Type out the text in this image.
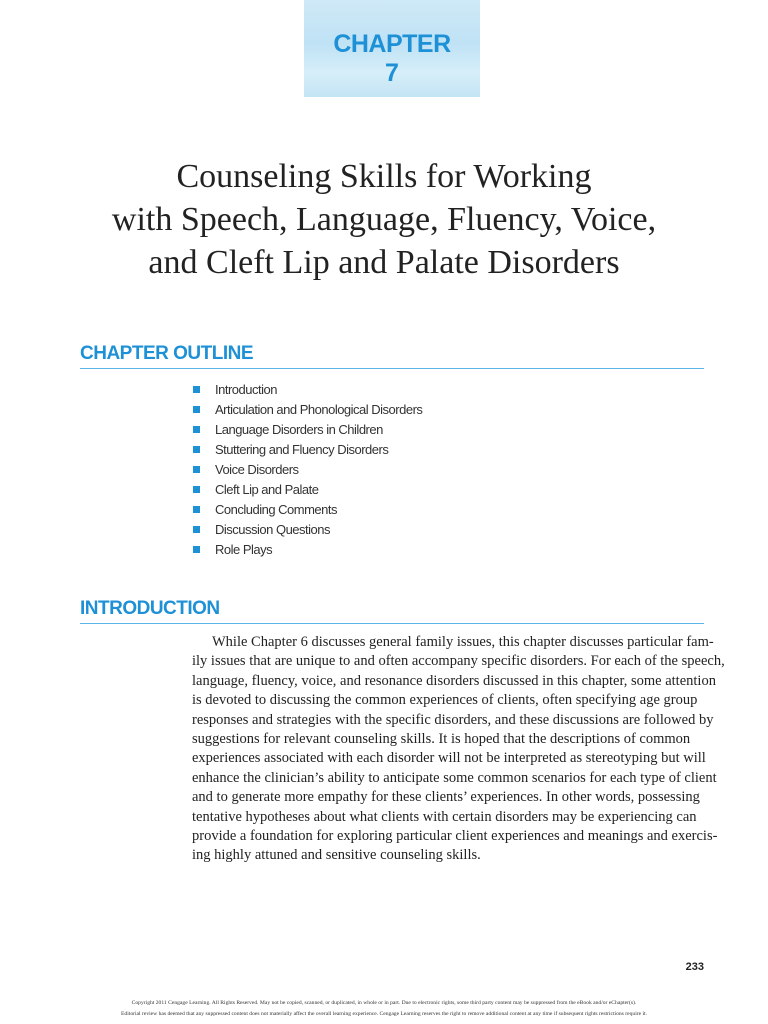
CHAPTER
7
Counseling Skills for Working
with Speech, Language, Fluency, Voice,
and Cleft Lip and Palate Disorders
CHAPTER OUTLINE
Introduction
Articulation and Phonological Disorders
Language Disorders in Children
Stuttering and Fluency Disorders
Voice Disorders
Cleft Lip and Palate
Concluding Comments
Discussion Questions
Role Plays
INTRODUCTION
While Chapter 6 discusses general family issues, this chapter discusses particular fam-
ily issues that are unique to and often accompany specific disorders. For each of the speech,
language, fluency, voice, and resonance disorders discussed in this chapter, some attention
is devoted to discussing the common experiences of clients, often specifying age group
responses and strategies with the specific disorders, and these discussions are followed by
suggestions for relevant counseling skills. It is hoped that the descriptions of common
experiences associated with each disorder will not be interpreted as stereotyping but will
enhance the clinician’s ability to anticipate some common scenarios for each type of client
and to generate more empathy for these clients’ experiences. In other words, possessing
tentative hypotheses about what clients with certain disorders may be experiencing can
provide a foundation for exploring particular client experiences and meanings and exercis-
ing highly attuned and sensitive counseling skills.
233
Copyright 2011 Cengage Learning. All Rights Reserved. May not be copied, scanned, or duplicated, in whole or in part. Due to electronic rights, some third party content may be suppressed from the eBook and/or eChapter(s).
Editorial review has deemed that any suppressed content does not materially affect the overall learning experience. Cengage Learning reserves the right to remove additional content at any time if subsequent rights restrictions require it.
